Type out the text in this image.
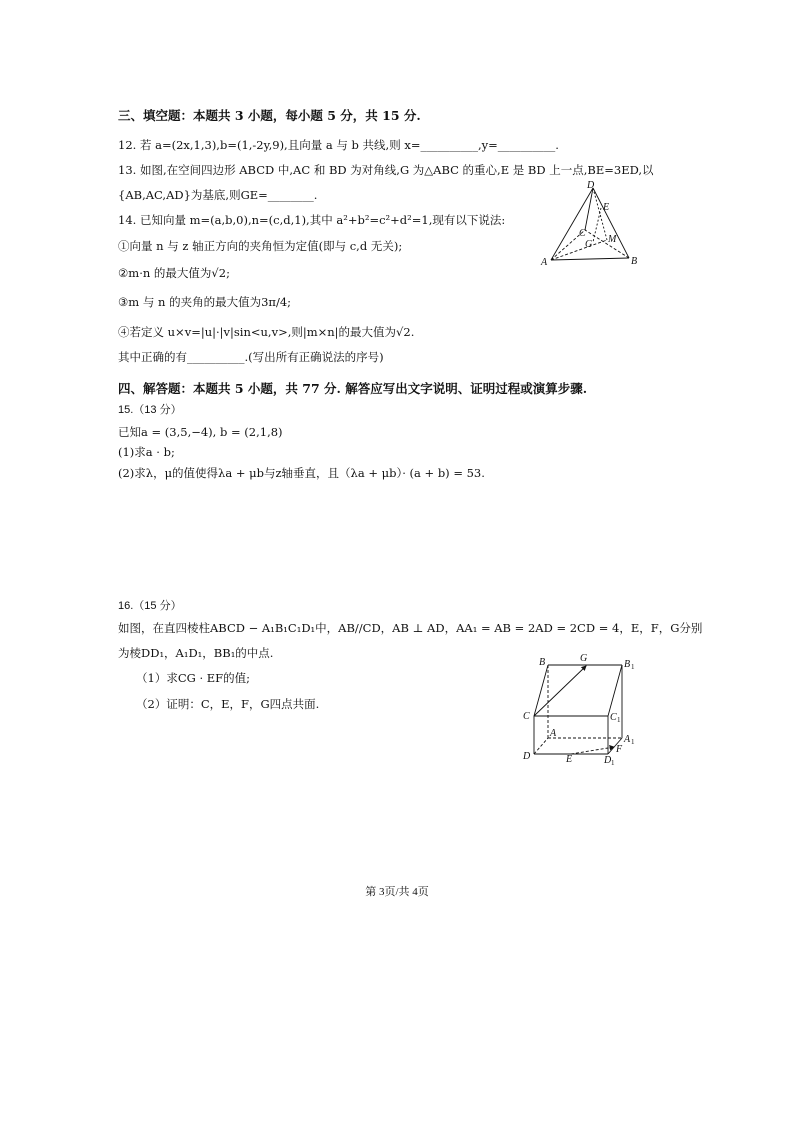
三、填空题：本题共 3 小题，每小题 5 分，共 15 分.
12. 若 a=(2x,1,3),b=(1,-2y,9),且向量 a 与 b 共线,则 x=__________,y=__________.
13. 如图,在空间四边形 ABCD 中,AC 和 BD 为对角线,G 为△ABC 的重心,E 是 BD 上一点,BE=3ED,以
{AB,AC,AD}为基底,则GE=________.
14. 已知向量 m=(a,b,0),n=(c,d,1),其中 a²+b²=c²+d²=1,现有以下说法:
①向量 n 与 z 轴正方向的夹角恒为定值(即与 c,d 无关);
②m·n 的最大值为√2;
③m 与 n 的夹角的最大值为3π/4;
④若定义 u×v=|u|·|v|sin<u,v>,则|m×n|的最大值为√2.
其中正确的有__________.(写出所有正确说法的序号)
四、解答题：本题共 5 小题，共 77 分. 解答应写出文字说明、证明过程或演算步骤.
15.（13 分）
已知a = (3,5,−4), b = (2,1,8)
(1)求a · b;
(2)求λ，μ的值使得λa + μb与z轴垂直，且（λa + μb）· (a + b) = 53.
16.（15 分）
如图，在直四棱柱ABCD − A₁B₁C₁D₁中，AB//CD，AB ⊥ AD，AA₁ = AB = 2AD = 2CD = 4，E，F，G分别
为棱DD₁，A₁D₁，BB₁的中点.
（1）求CG · EF的值;
（2）证明：C，E，F，G四点共面.
D
E
C
G M
A	B
B	G
B 1
C	C 1
A
A 1
F
D	E	D 1
第 3页/共 4页
